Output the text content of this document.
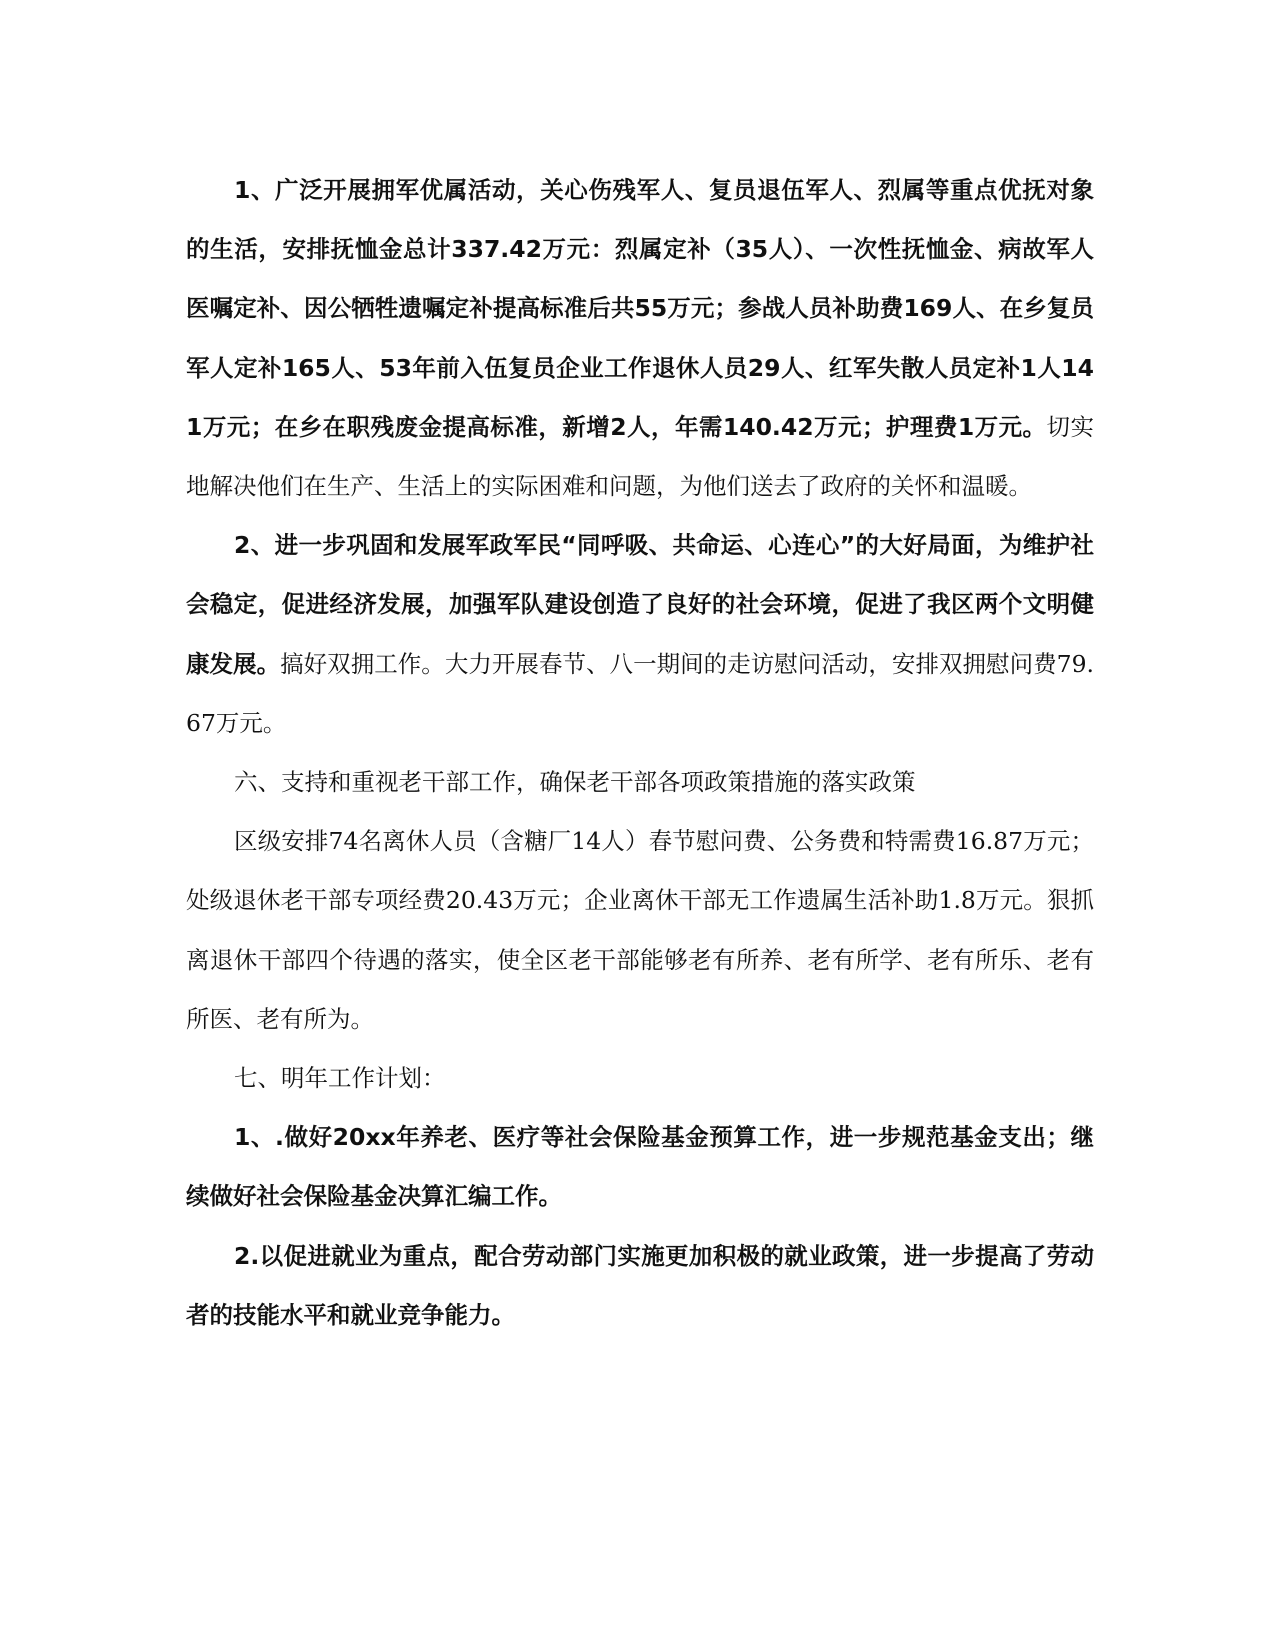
1、广泛开展拥军优属活动，关心伤残军人、复员退伍军人、烈属等重点优抚对象的生活，安排抚恤金总计337.42万元：烈属定补（35人）、一次性抚恤金、病故军人医嘱定补、因公牺牲遗嘱定补提高标准后共55万元；参战人员补助费169人、在乡复员军人定补165人、53年前入伍复员企业工作退休人员29人、红军失散人员定补1人141万元；在乡在职残废金提高标准，新增2人，年需140.42万元；护理费1万元。切实地解决他们在生产、生活上的实际困难和问题，为他们送去了政府的关怀和温暖。

2、进一步巩固和发展军政军民“同呼吸、共命运、心连心”的大好局面，为维护社会稳定，促进经济发展，加强军队建设创造了良好的社会环境，促进了我区两个文明健康发展。搞好双拥工作。大力开展春节、八一期间的走访慰问活动，安排双拥慰问费79.67万元。

六、支持和重视老干部工作，确保老干部各项政策措施的落实政策

区级安排74名离休人员（含糖厂14人）春节慰问费、公务费和特需费16.87万元；处级退休老干部专项经费20.43万元；企业离休干部无工作遗属生活补助1.8万元。狠抓离退休干部四个待遇的落实，使全区老干部能够老有所养、老有所学、老有所乐、老有所医、老有所为。

七、明年工作计划：

1、.做好20xx年养老、医疗等社会保险基金预算工作，进一步规范基金支出；继续做好社会保险基金决算汇编工作。

2.以促进就业为重点，配合劳动部门实施更加积极的就业政策，进一步提高了劳动者的技能水平和就业竞争能力。
